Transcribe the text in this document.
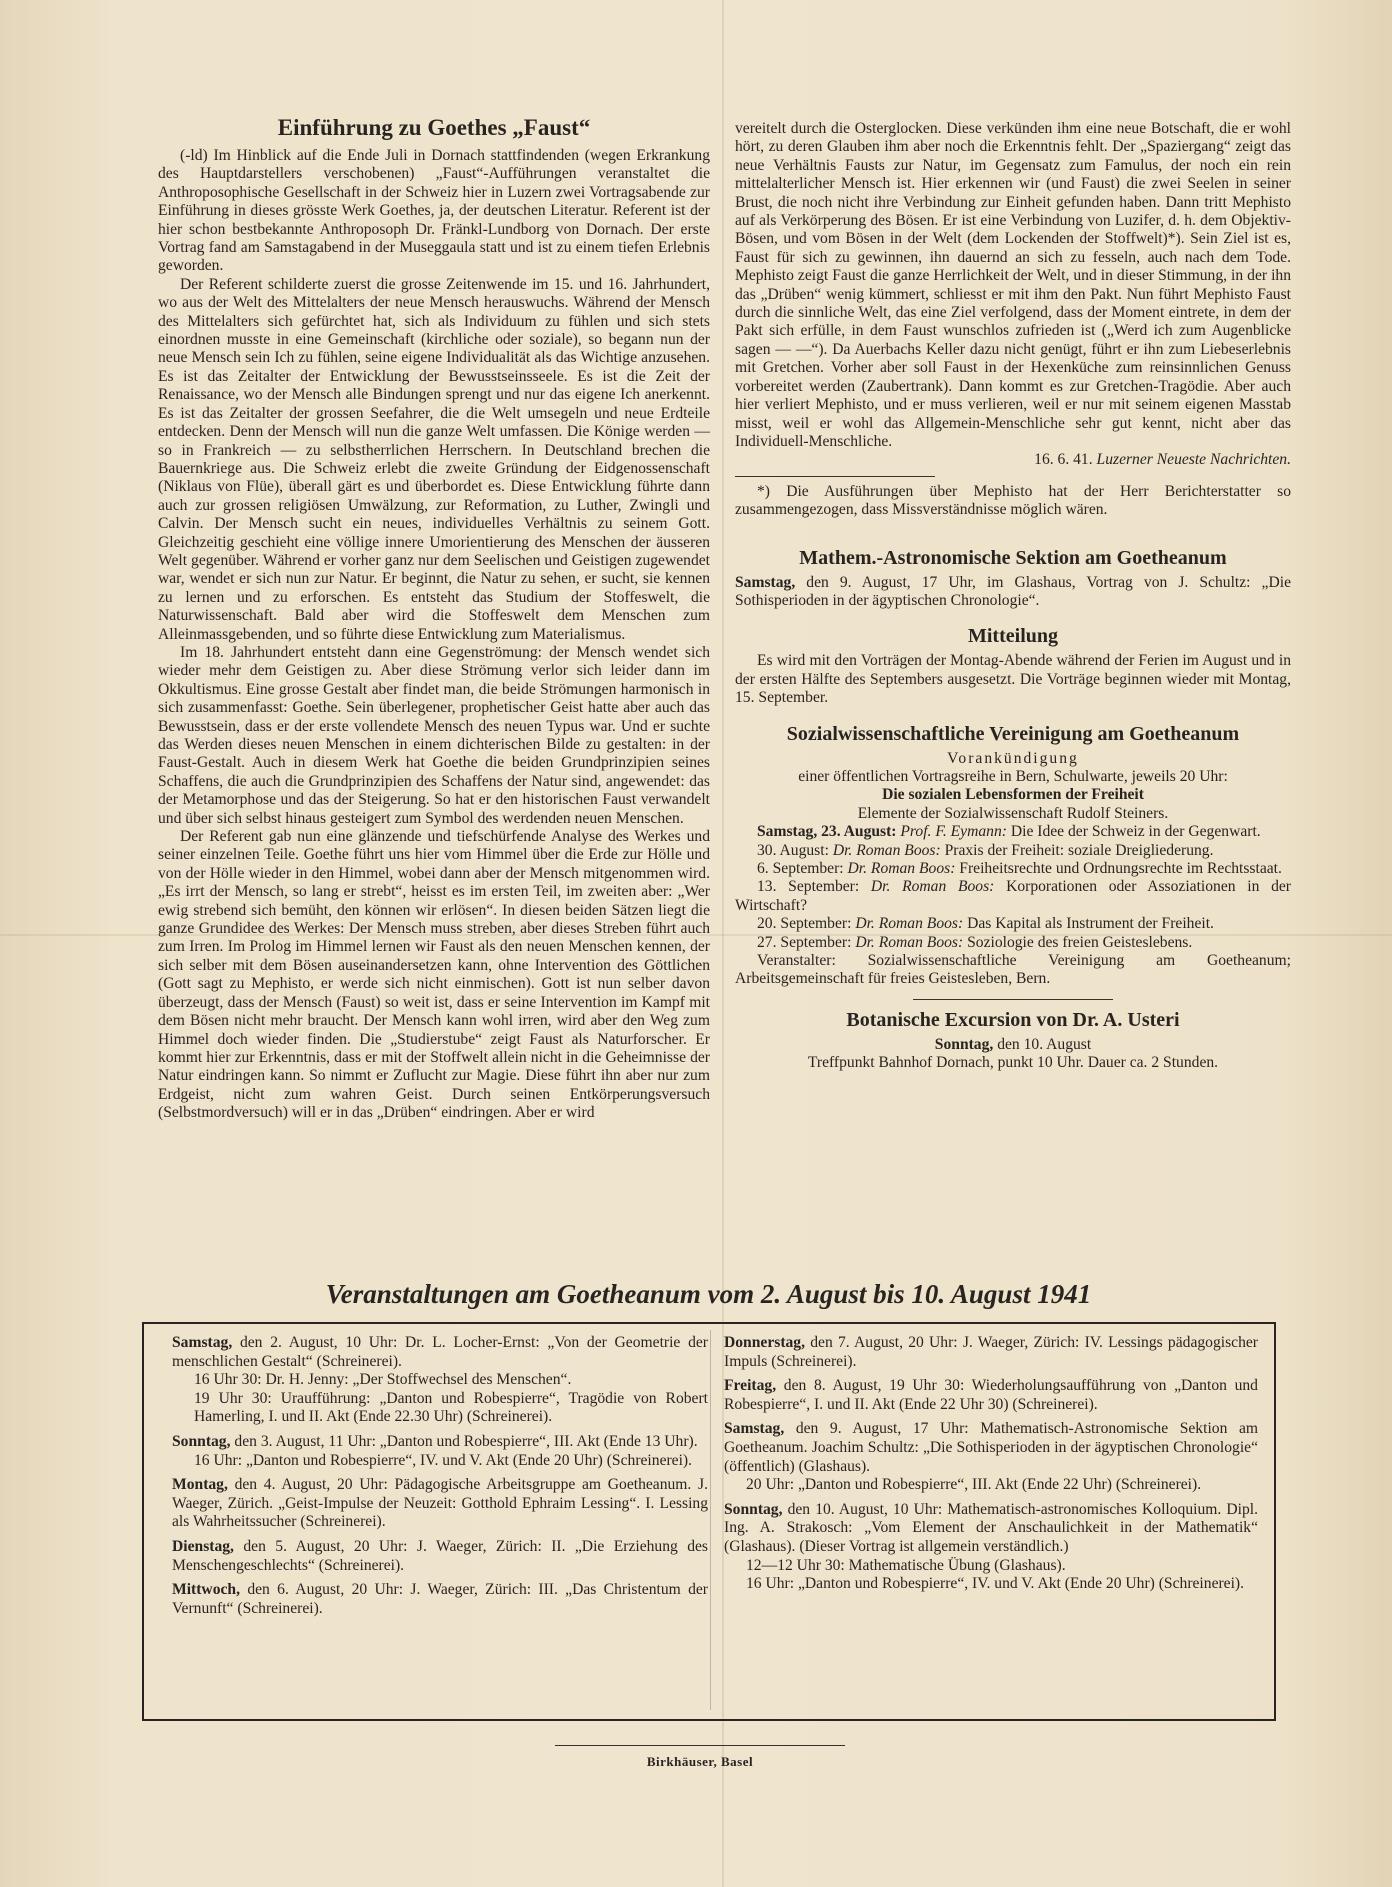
Einführung zu Goethes „Faust“

(-ld) Im Hinblick auf die Ende Juli in Dornach stattfindenden (wegen Erkrankung des Hauptdarstellers verschobenen) „Faust“-Aufführungen veranstaltet die Anthroposophische Gesellschaft in der Schweiz hier in Luzern zwei Vortragsabende zur Einführung in dieses grösste Werk Goethes, ja, der deutschen Literatur. Referent ist der hier schon bestbekannte Anthroposoph Dr. Fränkl-Lundborg von Dornach. Der erste Vortrag fand am Samstagabend in der Museggaula statt und ist zu einem tiefen Erlebnis geworden.

Der Referent schilderte zuerst die grosse Zeitenwende im 15. und 16. Jahrhundert, wo aus der Welt des Mittelalters der neue Mensch herauswuchs. Während der Mensch des Mittelalters sich gefürchtet hat, sich als Individuum zu fühlen und sich stets einordnen musste in eine Gemeinschaft (kirchliche oder soziale), so begann nun der neue Mensch sein Ich zu fühlen, seine eigene Individualität als das Wichtige anzusehen. Es ist das Zeitalter der Entwicklung der Bewusstseinsseele. Es ist die Zeit der Renaissance, wo der Mensch alle Bindungen sprengt und nur das eigene Ich anerkennt. Es ist das Zeitalter der grossen Seefahrer, die die Welt umsegeln und neue Erdteile entdecken. Denn der Mensch will nun die ganze Welt umfassen. Die Könige werden — so in Frankreich — zu selbstherrlichen Herrschern. In Deutschland brechen die Bauernkriege aus. Die Schweiz erlebt die zweite Gründung der Eidgenossenschaft (Niklaus von Flüe), überall gärt es und überbordet es. Diese Entwicklung führte dann auch zur grossen religiösen Umwälzung, zur Reformation, zu Luther, Zwingli und Calvin. Der Mensch sucht ein neues, individuelles Verhältnis zu seinem Gott. Gleichzeitig geschieht eine völlige innere Umorientierung des Menschen der äusseren Welt gegenüber. Während er vorher ganz nur dem Seelischen und Geistigen zugewendet war, wendet er sich nun zur Natur. Er beginnt, die Natur zu sehen, er sucht, sie kennen zu lernen und zu erforschen. Es entsteht das Studium der Stoffeswelt, die Naturwissenschaft. Bald aber wird die Stoffeswelt dem Menschen zum Alleinmassgebenden, und so führte diese Entwicklung zum Materialismus.

Im 18. Jahrhundert entsteht dann eine Gegenströmung: der Mensch wendet sich wieder mehr dem Geistigen zu. Aber diese Strömung verlor sich leider dann im Okkultismus. Eine grosse Gestalt aber findet man, die beide Strömungen harmonisch in sich zusammenfasst: Goethe. Sein überlegener, prophetischer Geist hatte aber auch das Bewusstsein, dass er der erste vollendete Mensch des neuen Typus war. Und er suchte das Werden dieses neuen Menschen in einem dichterischen Bilde zu gestalten: in der Faust-Gestalt. Auch in diesem Werk hat Goethe die beiden Grundprinzipien seines Schaffens, die auch die Grundprinzipien des Schaffens der Natur sind, angewendet: das der Metamorphose und das der Steigerung. So hat er den historischen Faust verwandelt und über sich selbst hinaus gesteigert zum Symbol des werdenden neuen Menschen.

Der Referent gab nun eine glänzende und tiefschürfende Analyse des Werkes und seiner einzelnen Teile. Goethe führt uns hier vom Himmel über die Erde zur Hölle und von der Hölle wieder in den Himmel, wobei dann aber der Mensch mitgenommen wird. „Es irrt der Mensch, so lang er strebt“, heisst es im ersten Teil, im zweiten aber: „Wer ewig strebend sich bemüht, den können wir erlösen“. In diesen beiden Sätzen liegt die ganze Grundidee des Werkes: Der Mensch muss streben, aber dieses Streben führt auch zum Irren. Im Prolog im Himmel lernen wir Faust als den neuen Menschen kennen, der sich selber mit dem Bösen auseinandersetzen kann, ohne Intervention des Göttlichen (Gott sagt zu Mephisto, er werde sich nicht einmischen). Gott ist nun selber davon überzeugt, dass der Mensch (Faust) so weit ist, dass er seine Intervention im Kampf mit dem Bösen nicht mehr braucht. Der Mensch kann wohl irren, wird aber den Weg zum Himmel doch wieder finden. Die „Studierstube“ zeigt Faust als Naturforscher. Er kommt hier zur Erkenntnis, dass er mit der Stoffwelt allein nicht in die Geheimnisse der Natur eindringen kann. So nimmt er Zuflucht zur Magie. Diese führt ihn aber nur zum Erdgeist, nicht zum wahren Geist. Durch seinen Entkörperungsversuch (Selbstmordversuch) will er in das „Drüben“ eindringen. Aber er wird

vereitelt durch die Osterglocken. Diese verkünden ihm eine neue Botschaft, die er wohl hört, zu deren Glauben ihm aber noch die Erkenntnis fehlt. Der „Spaziergang“ zeigt das neue Verhältnis Fausts zur Natur, im Gegensatz zum Famulus, der noch ein rein mittelalterlicher Mensch ist. Hier erkennen wir (und Faust) die zwei Seelen in seiner Brust, die noch nicht ihre Verbindung zur Einheit gefunden haben. Dann tritt Mephisto auf als Verkörperung des Bösen. Er ist eine Verbindung von Luzifer, d. h. dem Objektiv-Bösen, und vom Bösen in der Welt (dem Lockenden der Stoffwelt)*). Sein Ziel ist es, Faust für sich zu gewinnen, ihn dauernd an sich zu fesseln, auch nach dem Tode. Mephisto zeigt Faust die ganze Herrlichkeit der Welt, und in dieser Stimmung, in der ihn das „Drüben“ wenig kümmert, schliesst er mit ihm den Pakt. Nun führt Mephisto Faust durch die sinnliche Welt, das eine Ziel verfolgend, dass der Moment eintrete, in dem der Pakt sich erfülle, in dem Faust wunschlos zufrieden ist („Werd ich zum Augenblicke sagen — —“). Da Auerbachs Keller dazu nicht genügt, führt er ihn zum Liebeserlebnis mit Gretchen. Vorher aber soll Faust in der Hexenküche zum reinsinnlichen Genuss vorbereitet werden (Zaubertrank). Dann kommt es zur Gretchen-Tragödie. Aber auch hier verliert Mephisto, und er muss verlieren, weil er nur mit seinem eigenen Masstab misst, weil er wohl das Allgemein-Menschliche sehr gut kennt, nicht aber das Individuell-Menschliche.

16. 6. 41. Luzerner Neueste Nachrichten.

*) Die Ausführungen über Mephisto hat der Herr Berichterstatter so zusammengezogen, dass Missverständnisse möglich wären.

Mathem.-Astronomische Sektion am Goetheanum

Samstag, den 9. August, 17 Uhr, im Glashaus, Vortrag von J. Schultz: „Die Sothisperioden in der ägyptischen Chronologie“.

Mitteilung

Es wird mit den Vorträgen der Montag-Abende während der Ferien im August und in der ersten Hälfte des Septembers ausgesetzt. Die Vorträge beginnen wieder mit Montag, 15. September.

Sozialwissenschaftliche Vereinigung am Goetheanum

Vorankündigung

einer öffentlichen Vortragsreihe in Bern, Schulwarte, jeweils 20 Uhr:

Die sozialen Lebensformen der Freiheit

Elemente der Sozialwissenschaft Rudolf Steiners.

Samstag, 23. August: Prof. F. Eymann: Die Idee der Schweiz in der Gegenwart.

30. August: Dr. Roman Boos: Praxis der Freiheit: soziale Dreigliederung.

6. September: Dr. Roman Boos: Freiheitsrechte und Ordnungsrechte im Rechtsstaat.

13. September: Dr. Roman Boos: Korporationen oder Assoziationen in der Wirtschaft?

20. September: Dr. Roman Boos: Das Kapital als Instrument der Freiheit.

27. September: Dr. Roman Boos: Soziologie des freien Geisteslebens.

Veranstalter: Sozialwissenschaftliche Vereinigung am Goetheanum; Arbeitsgemeinschaft für freies Geistesleben, Bern.

Botanische Excursion von Dr. A. Usteri

Sonntag, den 10. August

Treffpunkt Bahnhof Dornach, punkt 10 Uhr. Dauer ca. 2 Stunden.

Veranstaltungen am Goetheanum vom 2. August bis 10. August 1941
Samstag, den 2. August, 10 Uhr: Dr. L. Locher-Ernst: „Von der Geometrie der menschlichen Gestalt“ (Schreinerei).
16 Uhr 30: Dr. H. Jenny: „Der Stoffwechsel des Menschen“.
19 Uhr 30: Uraufführung: „Danton und Robespierre“, Tragödie von Robert Hamerling, I. und II. Akt (Ende 22.30 Uhr) (Schreinerei).
Sonntag, den 3. August, 11 Uhr: „Danton und Robespierre“, III. Akt (Ende 13 Uhr).
16 Uhr: „Danton und Robespierre“, IV. und V. Akt (Ende 20 Uhr) (Schreinerei).
Montag, den 4. August, 20 Uhr: Pädagogische Arbeitsgruppe am Goetheanum. J. Waeger, Zürich. „Geist-Impulse der Neuzeit: Gotthold Ephraim Lessing“. I. Lessing als Wahrheitssucher (Schreinerei).
Dienstag, den 5. August, 20 Uhr: J. Waeger, Zürich: II. „Die Erziehung des Menschengeschlechts“ (Schreinerei).
Mittwoch, den 6. August, 20 Uhr: J. Waeger, Zürich: III. „Das Christentum der Vernunft“ (Schreinerei).
Donnerstag, den 7. August, 20 Uhr: J. Waeger, Zürich: IV. Lessings pädagogischer Impuls (Schreinerei).
Freitag, den 8. August, 19 Uhr 30: Wiederholungsaufführung von „Danton und Robespierre“, I. und II. Akt (Ende 22 Uhr 30) (Schreinerei).
Samstag, den 9. August, 17 Uhr: Mathematisch-Astronomische Sektion am Goetheanum. Joachim Schultz: „Die Sothisperioden in der ägyptischen Chronologie“ (öffentlich) (Glashaus).
20 Uhr: „Danton und Robespierre“, III. Akt (Ende 22 Uhr) (Schreinerei).
Sonntag, den 10. August, 10 Uhr: Mathematisch-astronomisches Kolloquium. Dipl. Ing. A. Strakosch: „Vom Element der Anschaulichkeit in der Mathematik“ (Glashaus). (Dieser Vortrag ist allgemein verständlich.)
12—12 Uhr 30: Mathematische Übung (Glashaus).
16 Uhr: „Danton und Robespierre“, IV. und V. Akt (Ende 20 Uhr) (Schreinerei).
Birkhäuser, Basel
